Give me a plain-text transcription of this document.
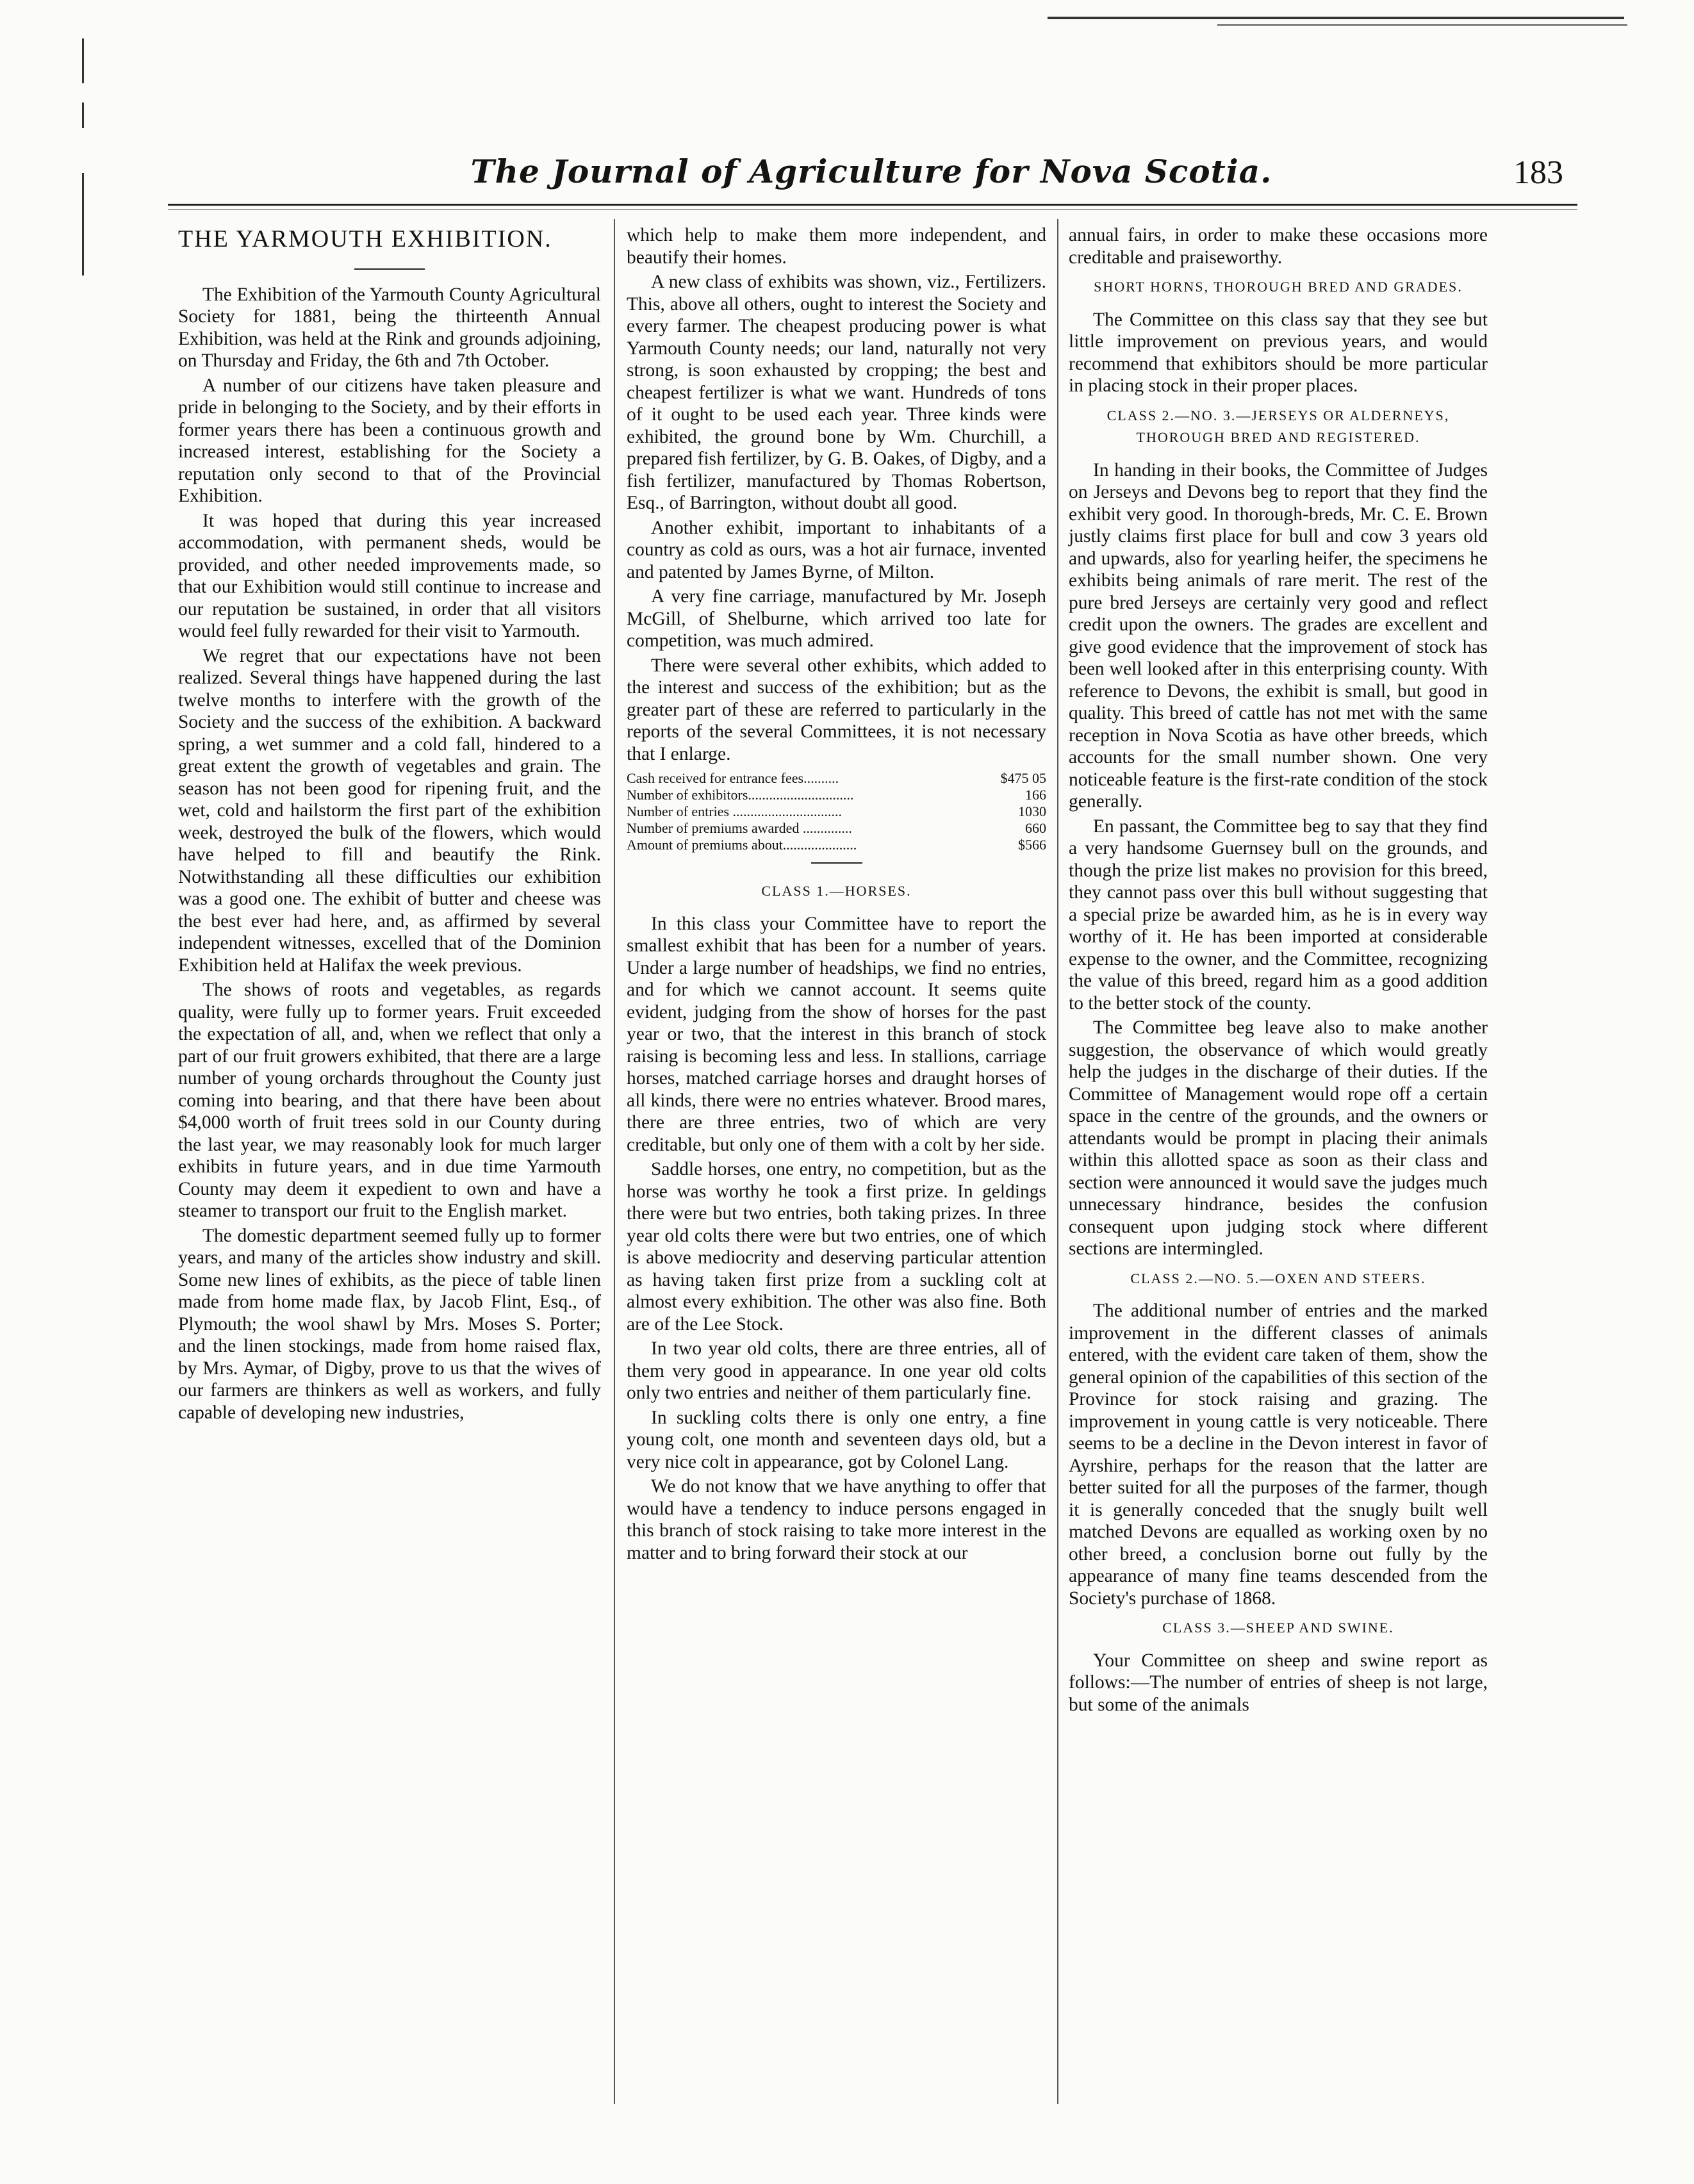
The Journal of Agriculture for Nova Scotia.	183
THE YARMOUTH EXHIBITION.

The Exhibition of the Yarmouth County Agricultural Society for 1881, being the thirteenth Annual Exhibition, was held at the Rink and grounds adjoining, on Thursday and Friday, the 6th and 7th October.

A number of our citizens have taken pleasure and pride in belonging to the Society, and by their efforts in former years there has been a continuous growth and increased interest, establishing for the Society a reputation only second to that of the Provincial Exhibition.

It was hoped that during this year increased accommodation, with permanent sheds, would be provided, and other needed improvements made, so that our Exhibition would still continue to increase and our reputation be sustained, in order that all visitors would feel fully rewarded for their visit to Yarmouth.

We regret that our expectations have not been realized. Several things have happened during the last twelve months to interfere with the growth of the Society and the success of the exhibition. A backward spring, a wet summer and a cold fall, hindered to a great extent the growth of vegetables and grain. The season has not been good for ripening fruit, and the wet, cold and hailstorm the first part of the exhibition week, destroyed the bulk of the flowers, which would have helped to fill and beautify the Rink. Notwithstanding all these difficulties our exhibition was a good one. The exhibit of butter and cheese was the best ever had here, and, as affirmed by several independent witnesses, excelled that of the Dominion Exhibition held at Halifax the week previous.

The shows of roots and vegetables, as regards quality, were fully up to former years. Fruit exceeded the expectation of all, and, when we reflect that only a part of our fruit growers exhibited, that there are a large number of young orchards throughout the County just coming into bearing, and that there have been about $4,000 worth of fruit trees sold in our County during the last year, we may reasonably look for much larger exhibits in future years, and in due time Yarmouth County may deem it expedient to own and have a steamer to transport our fruit to the English market.

The domestic department seemed fully up to former years, and many of the articles show industry and skill. Some new lines of exhibits, as the piece of table linen made from home made flax, by Jacob Flint, Esq., of Plymouth; the wool shawl by Mrs. Moses S. Porter; and the linen stockings, made from home raised flax, by Mrs. Aymar, of Digby, prove to us that the wives of our farmers are thinkers as well as workers, and fully capable of developing new industries,

which help to make them more independent, and beautify their homes.

A new class of exhibits was shown, viz., Fertilizers. This, above all others, ought to interest the Society and every farmer. The cheapest producing power is what Yarmouth County needs; our land, naturally not very strong, is soon exhausted by cropping; the best and cheapest fertilizer is what we want. Hundreds of tons of it ought to be used each year. Three kinds were exhibited, the ground bone by Wm. Churchill, a prepared fish fertilizer, by G. B. Oakes, of Digby, and a fish fertilizer, manufactured by Thomas Robertson, Esq., of Barrington, without doubt all good.

Another exhibit, important to inhabitants of a country as cold as ours, was a hot air furnace, invented and patented by James Byrne, of Milton.

A very fine carriage, manufactured by Mr. Joseph McGill, of Shelburne, which arrived too late for competition, was much admired.

There were several other exhibits, which added to the interest and success of the exhibition; but as the greater part of these are referred to particularly in the reports of the several Committees, it is not necessary that I enlarge.

Cash received for entrance fees..........	$475 05
Number of exhibitors..............................	166
Number of entries ...............................	1030
Number of premiums awarded ..............	660
Amount of premiums about.....................	$566
CLASS 1.—HORSES.

In this class your Committee have to report the smallest exhibit that has been for a number of years. Under a large number of headships, we find no entries, and for which we cannot account. It seems quite evident, judging from the show of horses for the past year or two, that the interest in this branch of stock raising is becoming less and less. In stallions, carriage horses, matched carriage horses and draught horses of all kinds, there were no entries whatever. Brood mares, there are three entries, two of which are very creditable, but only one of them with a colt by her side.

Saddle horses, one entry, no competition, but as the horse was worthy he took a first prize. In geldings there were but two entries, both taking prizes. In three year old colts there were but two entries, one of which is above mediocrity and deserving particular attention as having taken first prize from a suckling colt at almost every exhibition. The other was also fine. Both are of the Lee Stock.

In two year old colts, there are three entries, all of them very good in appearance. In one year old colts only two entries and neither of them particularly fine.

In suckling colts there is only one entry, a fine young colt, one month and seventeen days old, but a very nice colt in appearance, got by Colonel Lang.

We do not know that we have anything to offer that would have a tendency to induce persons engaged in this branch of stock raising to take more interest in the matter and to bring forward their stock at our

annual fairs, in order to make these occasions more creditable and praiseworthy.

SHORT HORNS, THOROUGH BRED AND GRADES.

The Committee on this class say that they see but little improvement on previous years, and would recommend that exhibitors should be more particular in placing stock in their proper places.

CLASS 2.—NO. 3.—JERSEYS OR ALDERNEYS, THOROUGH BRED AND REGISTERED.

In handing in their books, the Committee of Judges on Jerseys and Devons beg to report that they find the exhibit very good. In thorough-breds, Mr. C. E. Brown justly claims first place for bull and cow 3 years old and upwards, also for yearling heifer, the specimens he exhibits being animals of rare merit. The rest of the pure bred Jerseys are certainly very good and reflect credit upon the owners. The grades are excellent and give good evidence that the improvement of stock has been well looked after in this enterprising county. With reference to Devons, the exhibit is small, but good in quality. This breed of cattle has not met with the same reception in Nova Scotia as have other breeds, which accounts for the small number shown. One very noticeable feature is the first-rate condition of the stock generally.

En passant, the Committee beg to say that they find a very handsome Guernsey bull on the grounds, and though the prize list makes no provision for this breed, they cannot pass over this bull without suggesting that a special prize be awarded him, as he is in every way worthy of it. He has been imported at considerable expense to the owner, and the Committee, recognizing the value of this breed, regard him as a good addition to the better stock of the county.

The Committee beg leave also to make another suggestion, the observance of which would greatly help the judges in the discharge of their duties. If the Committee of Management would rope off a certain space in the centre of the grounds, and the owners or attendants would be prompt in placing their animals within this allotted space as soon as their class and section were announced it would save the judges much unnecessary hindrance, besides the confusion consequent upon judging stock where different sections are intermingled.

CLASS 2.—NO. 5.—OXEN AND STEERS.

The additional number of entries and the marked improvement in the different classes of animals entered, with the evident care taken of them, show the general opinion of the capabilities of this section of the Province for stock raising and grazing. The improvement in young cattle is very noticeable. There seems to be a decline in the Devon interest in favor of Ayrshire, perhaps for the reason that the latter are better suited for all the purposes of the farmer, though it is generally conceded that the snugly built well matched Devons are equalled as working oxen by no other breed, a conclusion borne out fully by the appearance of many fine teams descended from the Society's purchase of 1868.

CLASS 3.—SHEEP AND SWINE.

Your Committee on sheep and swine report as follows:—The number of entries of sheep is not large, but some of the animals
